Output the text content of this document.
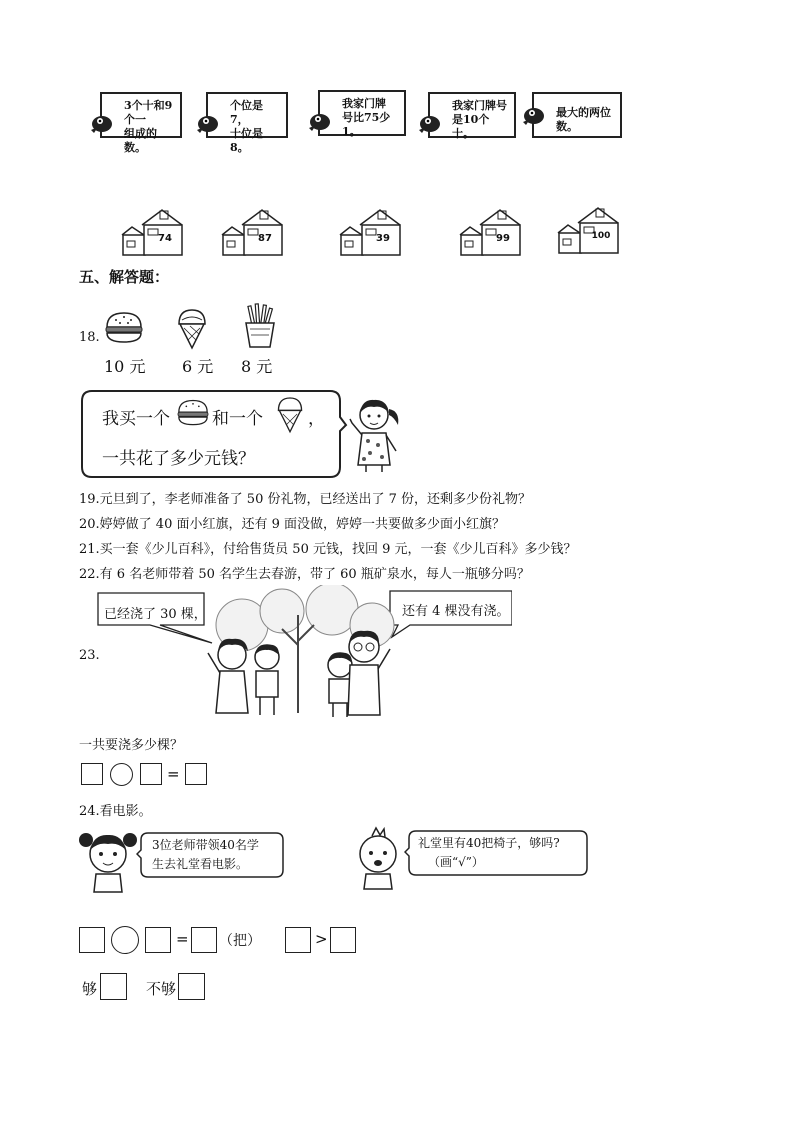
3个十和9个一
组成的数。
个位是7，
十位是8。
我家门牌
号比75少1。
我家门牌号
是10个十。
最大的两位数。
74	87	39	99	100
五、解答题：
18.
10 元 6 元 8 元
我买一个 和一个	，
一共花了多少元钱？
19.元旦到了，李老师准备了 50 份礼物，已经送出了 7 份，还剩多少份礼物？
20.婷婷做了 40 面小红旗，还有 9 面没做，婷婷一共要做多少面小红旗？
21.买一套《少儿百科》，付给售货员 50 元钱，找回 9 元，一套《少儿百科》多少钱？
22.有 6 名老师带着 50 名学生去春游，带了 60 瓶矿泉水，每人一瓶够分吗？
23.
已经浇了 30 棵，	还有 4 棵没有浇。
一共要浇多少棵？
=
24.看电影。
3位老师带领40名学
生去礼堂看电影。
礼堂里有40把椅子，够吗?
（画“√”）
= （把）	>
够	不够
